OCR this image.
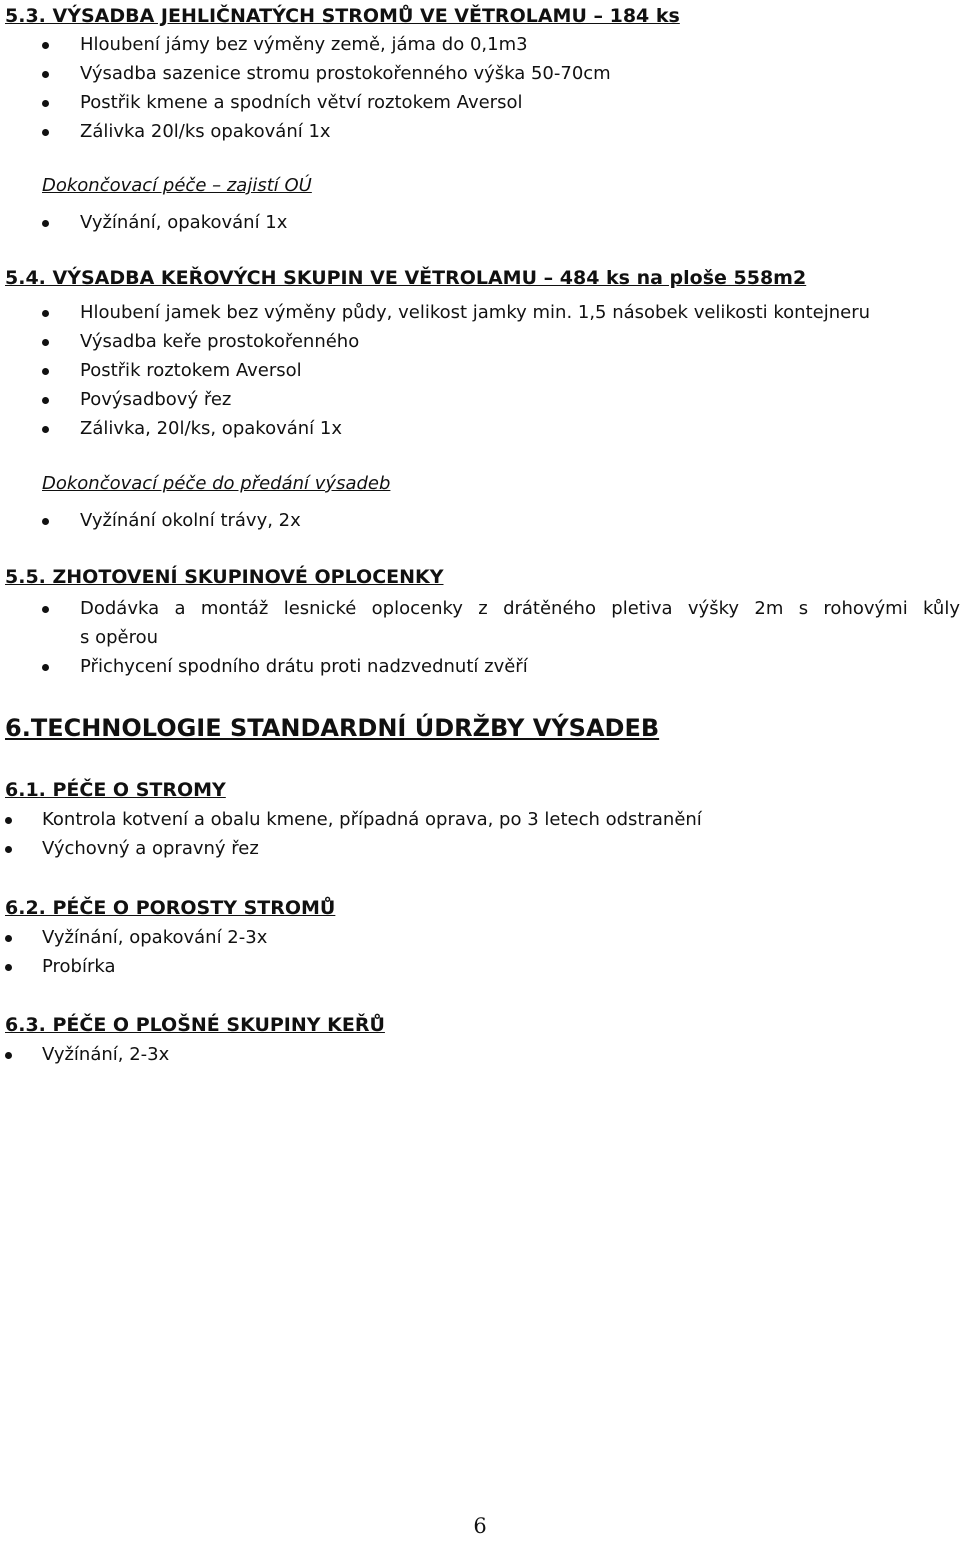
5.3. VÝSADBA JEHLIČNATÝCH STROMŮ VE VĚTROLAMU – 184 ks
Hloubení jámy bez výměny země, jáma do 0,1m3
Výsadba sazenice stromu prostokořenného výška 50-70cm
Postřik kmene a spodních větví roztokem Aversol
Zálivka 20l/ks opakování 1x
Dokončovací péče – zajistí OÚ
Vyžínání, opakování 1x
5.4. VÝSADBA KEŘOVÝCH SKUPIN VE VĚTROLAMU – 484 ks na ploše 558m2
Hloubení jamek bez výměny půdy, velikost jamky min. 1,5 násobek velikosti kontejneru
Výsadba keře prostokořenného
Postřik roztokem Aversol
Povýsadbový řez
Zálivka, 20l/ks, opakování 1x
Dokončovací péče do předání výsadeb
Vyžínání okolní trávy, 2x
5.5. ZHOTOVENÍ SKUPINOVÉ OPLOCENKY
Dodávka a montáž lesnické oplocenky z drátěného pletiva výšky 2m s rohovými kůly
s opěrou
Přichycení spodního drátu proti nadzvednutí zvěří
6.TECHNOLOGIE STANDARDNÍ ÚDRŽBY VÝSADEB
6.1. PÉČE O STROMY
Kontrola kotvení a obalu kmene, případná oprava, po 3 letech odstranění
Výchovný a opravný řez
6.2. PÉČE O POROSTY STROMŮ
Vyžínání, opakování 2-3x
Probírka
6.3. PÉČE O PLOŠNÉ SKUPINY KEŘŮ
Vyžínání, 2-3x
6
